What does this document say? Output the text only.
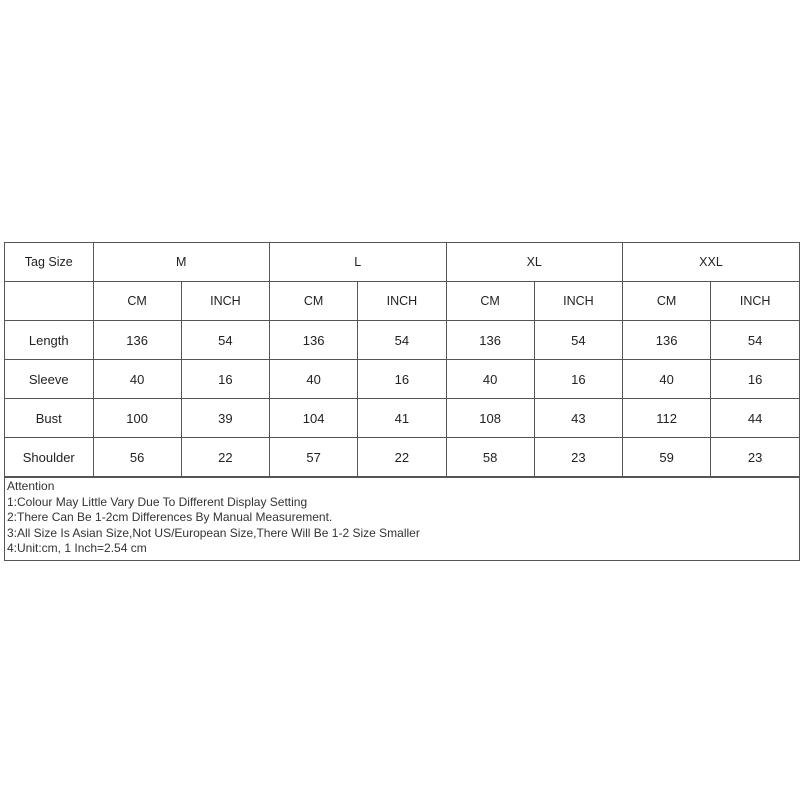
Tag Size	M		L		XL		XXL	
	CM	INCH	CM	INCH	CM	INCH	CM	INCH
Length	136	54	136	54	136	54	136	54
Sleeve	40	16	40	16	40	16	40	16
Bust	100	39	104	41	108	43	112	44
Shoulder	56	22	57	22	58	23	59	23
Attention
1:Colour May Little Vary Due To Different Display Setting
2:There Can Be 1-2cm Differences By Manual Measurement.
3:All Size Is Asian Size,Not US/European Size,There Will Be 1-2 Size Smaller
4:Unit:cm, 1 Inch=2.54 cm
